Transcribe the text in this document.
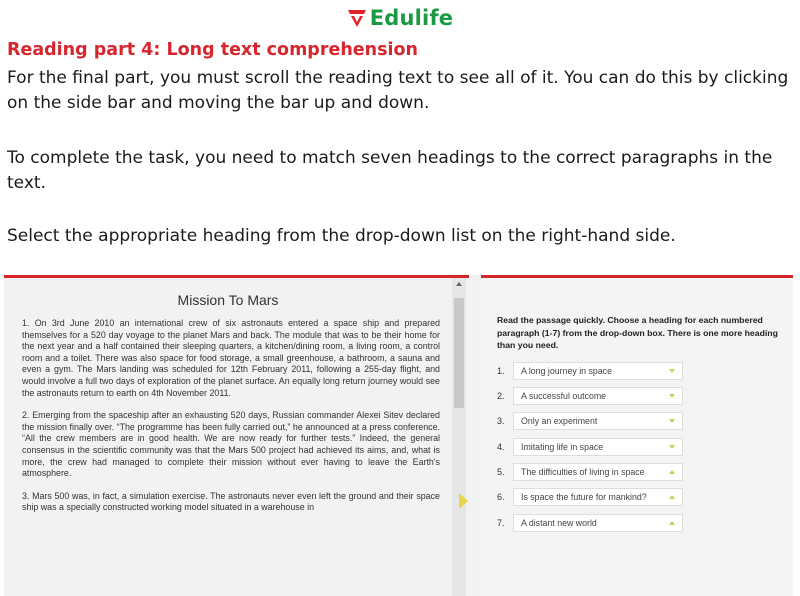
Edulife
Reading part 4: Long text comprehension

For the final part, you must scroll the reading text to see all of it. You can do this by clicking on the side bar and moving the bar up and down.

To complete the task, you need to match seven headings to the correct paragraphs in the text.

Select the appropriate heading from the drop-down list on the right-hand side.

Mission To Mars

1. On 3rd June 2010 an international crew of six astronauts entered a space ship and prepared themselves for a 520 day voyage to the planet Mars and back. The module that was to be their home for the next year and a half contained their sleeping quarters, a kitchen/dining room, a living room, a control room and a toilet. There was also space for food storage, a small greenhouse, a bathroom, a sauna and even a gym. The Mars landing was scheduled for 12th February 2011, following a 255-day flight, and would involve a full two days of exploration of the planet surface. An equally long return journey would see the astronauts return to earth on 4th November 2011.

2. Emerging from the spaceship after an exhausting 520 days, Russian commander Alexei Sitev declared the mission finally over. “The programme has been fully carried out,” he announced at a press conference. “All the crew members are in good health. We are now ready for further tests.” Indeed, the general consensus in the scientific community was that the Mars 500 project had achieved its aims, and, what is more, the crew had managed to complete their mission without ever having to leave the Earth's atmosphere.

3. Mars 500 was, in fact, a simulation exercise. The astronauts never even left the ground and their space ship was a specially constructed working model situated in a warehouse in

Read the passage quickly. Choose a heading for each numbered paragraph (1-7) from the drop-down box. There is one more heading than you need.

1.	A long journey in space
2.	A successful outcome
3.	Only an experiment
4.	Imitating life in space
5.	The difficulties of living in space
6.	Is space the future for mankind?
7.	A distant new world
